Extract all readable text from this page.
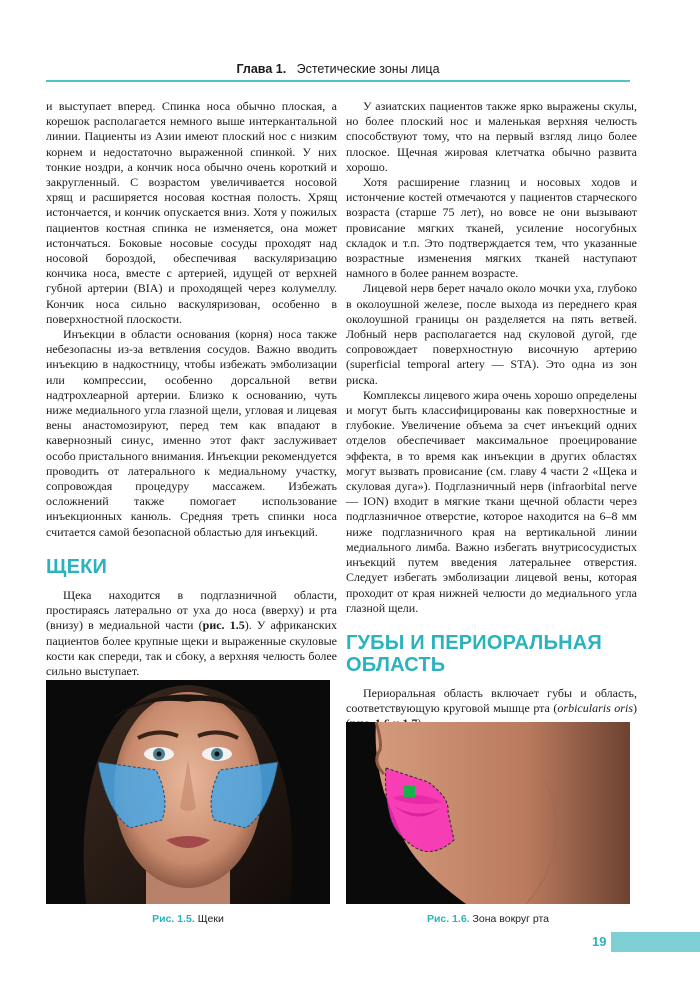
Глава 1. Эстетические зоны лица

и выступает вперед. Спинка носа обычно плоская, а корешок располагается немного выше интеркантальной линии. Пациенты из Азии имеют плоский нос с низким корнем и недостаточно выраженной спинкой. У них тонкие ноздри, а кончик носа обычно очень короткий и закругленный. С возрастом увеличивается носовой хрящ и расширяется носовая костная полость. Хрящ истончается, и кончик опускается вниз. Хотя у пожилых пациентов костная спинка не изменяется, она может истончаться. Боковые носовые сосуды проходят над носовой бороздой, обеспечивая васкуляризацию кончика носа, вместе с артерией, идущей от верхней губной артерии (BIA) и проходящей через колумеллу. Кончик носа сильно васкуляризован, особенно в поверхностной плоскости.

Инъекции в области основания (корня) носа также небезопасны из-за ветвления сосудов. Важно вводить инъекцию в надкостницу, чтобы избежать эмболизации или компрессии, особенно дорсальной ветви надтрохлеарной артерии. Близко к основанию, чуть ниже медиального угла глазной щели, угловая и лицевая вены анастомозируют, перед тем как впадают в кавернозный синус, именно этот факт заслуживает особо пристального внимания. Инъекции рекомендуется проводить от латерального к медиальному участку, сопровождая процедуру массажем. Избежать осложнений также помогает использование инъекционных канюль. Средняя треть спинки носа считается самой безопасной областью для инъекций.

ЩЕКИ

Щека находится в подглазничной области, простираясь латерально от уха до носа (вверху) и рта (внизу) в медиальной части (рис. 1.5). У африканских пациентов более крупные щеки и выраженные скуловые кости как спереди, так и сбоку, а верхняя челюсть более сильно выступает.

У азиатских пациентов также ярко выражены скулы, но более плоский нос и маленькая верхняя челюсть способствуют тому, что на первый взгляд лицо более плоское. Щечная жировая клетчатка обычно развита хорошо.

Хотя расширение глазниц и носовых ходов и истончение костей отмечаются у пациентов старческого возраста (старше 75 лет), но вовсе не они вызывают провисание мягких тканей, усиление носогубных складок и т.п. Это подтверждается тем, что указанные возрастные изменения мягких тканей наступают намного в более раннем возрасте.

Лицевой нерв берет начало около мочки уха, глубоко в околоушной железе, после выхода из переднего края околоушной границы он разделяется на пять ветвей. Лобный нерв располагается над скуловой дугой, где сопровождает поверхностную височную артерию (superficial temporal artery — STA). Это одна из зон риска.

Комплексы лицевого жира очень хорошо определены и могут быть классифицированы как поверхностные и глубокие. Увеличение объема за счет инъекций одних отделов обеспечивает максимальное проецирование эффекта, в то время как инъекции в других областях могут вызвать провисание (см. главу 4 части 2 «Щека и скуловая дуга»). Подглазничный нерв (infraorbital nerve — ION) входит в мягкие ткани щечной области через подглазничное отверстие, которое находится на 6–8 мм ниже подглазничного края на вертикальной линии медиального лимба. Важно избегать внутрисосудистых инъекций путем введения латеральнее отверстия. Следует избегать эмболизации лицевой вены, которая проходит от края нижней челюсти до медиального угла глазной щели.

ГУБЫ И ПЕРИОРАЛЬНАЯ ОБЛАСТЬ

Периоральная область включает губы и область, соответствующую круговой мышце рта (orbicularis oris)

Рис. 1.5. Щеки	Рис. 1.6. Зона вокруг рта
19
